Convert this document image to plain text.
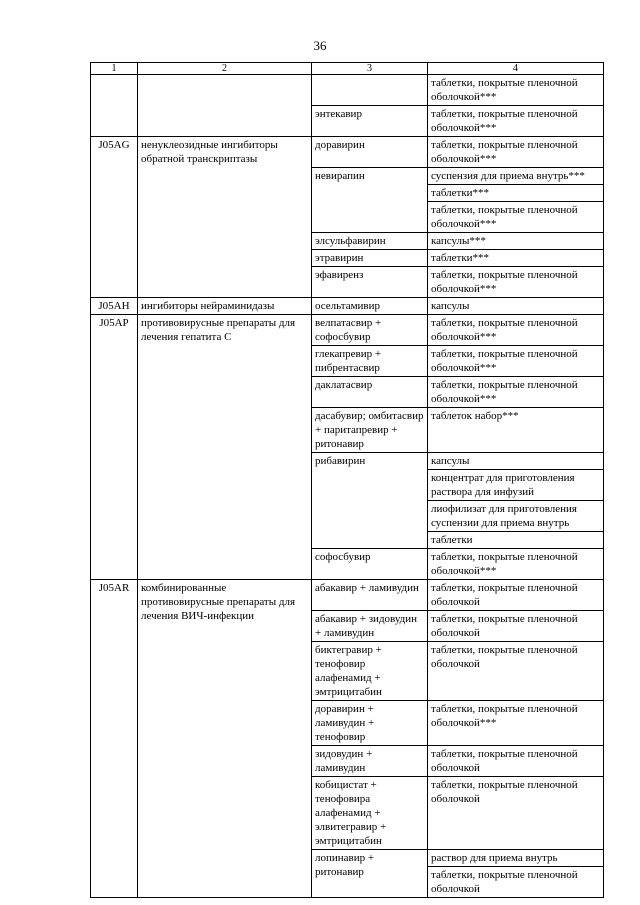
36
1	2	3	4
			таблетки, покрытые пленочной оболочкой***
		энтекавир	таблетки, покрытые пленочной оболочкой***
J05AG	ненуклеозидные ингибиторы обратной транскриптазы	доравирин	таблетки, покрытые пленочной оболочкой***
		невирапин	суспензия для приема внутрь***
			таблетки***
			таблетки, покрытые пленочной оболочкой***
		элсульфавирин	капсулы***
		этравирин	таблетки***
		эфавиренз	таблетки, покрытые пленочной оболочкой***
J05AH	ингибиторы нейраминидазы	осельтамивир	капсулы
J05AP	противовирусные препараты для лечения гепатита C	велпатасвир + софосбувир	таблетки, покрытые пленочной оболочкой***
		глекапревир + пибрентасвир	таблетки, покрытые пленочной оболочкой***
		даклатасвир	таблетки, покрытые пленочной оболочкой***
		дасабувир; омбитасвир + паритапревир + ритонавир	таблеток набор***
		рибавирин	капсулы
			концентрат для приготовления раствора для инфузий
			лиофилизат для приготовления суспензии для приема внутрь
			таблетки
		софосбувир	таблетки, покрытые пленочной оболочкой***
J05AR	комбинированные противовирусные препараты для лечения ВИЧ-инфекции	абакавир + ламивудин	таблетки, покрытые пленочной оболочкой
		абакавир + зидовудин + ламивудин	таблетки, покрытые пленочной оболочкой
		биктегравир + тенофовир алафенамид + эмтрицитабин	таблетки, покрытые пленочной оболочкой
		доравирин + ламивудин + тенофовир	таблетки, покрытые пленочной оболочкой***
		зидовудин + ламивудин	таблетки, покрытые пленочной оболочкой
		кобицистат + тенофовира алафенамид + элвитегравир + эмтрицитабин	таблетки, покрытые пленочной оболочкой
		лопинавир + ритонавир	раствор для приема внутрь
			таблетки, покрытые пленочной оболочкой
